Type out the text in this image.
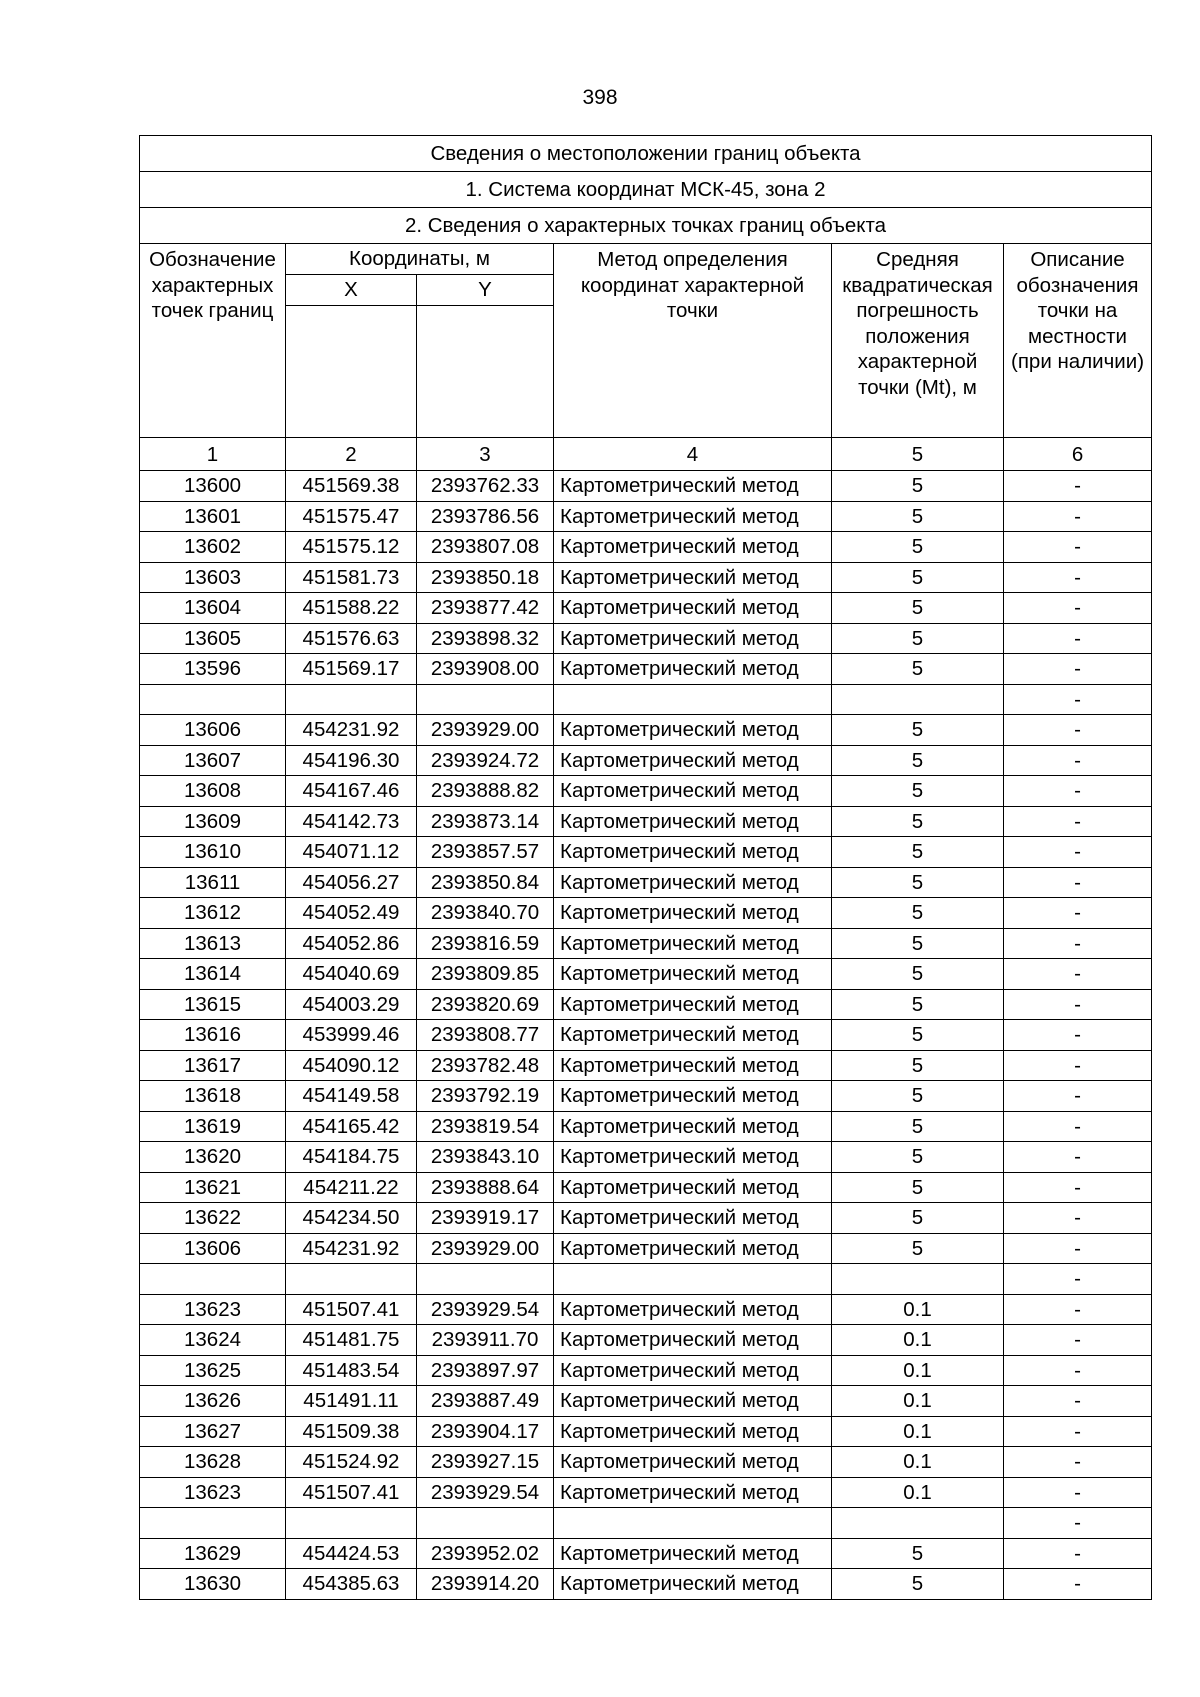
398
Сведения о местоположении границ объекта					
1. Система координат МСК-45, зона 2					
2. Сведения о характерных точках границ объекта					
Обозначение характерных точек границ	Координаты, м		Метод определения координат характерной точки	Средняя квадратическая погрешность положения характерной точки (Mt), м	Описание обозначения точки на местности (при наличии)
	X	Y			

1	2	3	4	5	6
13600	451569.38	2393762.33	Картометрический метод	5	-
13601	451575.47	2393786.56	Картометрический метод	5	-
13602	451575.12	2393807.08	Картометрический метод	5	-
13603	451581.73	2393850.18	Картометрический метод	5	-
13604	451588.22	2393877.42	Картометрический метод	5	-
13605	451576.63	2393898.32	Картометрический метод	5	-
13596	451569.17	2393908.00	Картометрический метод	5	-
					-
13606	454231.92	2393929.00	Картометрический метод	5	-
13607	454196.30	2393924.72	Картометрический метод	5	-
13608	454167.46	2393888.82	Картометрический метод	5	-
13609	454142.73	2393873.14	Картометрический метод	5	-
13610	454071.12	2393857.57	Картометрический метод	5	-
13611	454056.27	2393850.84	Картометрический метод	5	-
13612	454052.49	2393840.70	Картометрический метод	5	-
13613	454052.86	2393816.59	Картометрический метод	5	-
13614	454040.69	2393809.85	Картометрический метод	5	-
13615	454003.29	2393820.69	Картометрический метод	5	-
13616	453999.46	2393808.77	Картометрический метод	5	-
13617	454090.12	2393782.48	Картометрический метод	5	-
13618	454149.58	2393792.19	Картометрический метод	5	-
13619	454165.42	2393819.54	Картометрический метод	5	-
13620	454184.75	2393843.10	Картометрический метод	5	-
13621	454211.22	2393888.64	Картометрический метод	5	-
13622	454234.50	2393919.17	Картометрический метод	5	-
13606	454231.92	2393929.00	Картометрический метод	5	-
					-
13623	451507.41	2393929.54	Картометрический метод	0.1	-
13624	451481.75	2393911.70	Картометрический метод	0.1	-
13625	451483.54	2393897.97	Картометрический метод	0.1	-
13626	451491.11	2393887.49	Картометрический метод	0.1	-
13627	451509.38	2393904.17	Картометрический метод	0.1	-
13628	451524.92	2393927.15	Картометрический метод	0.1	-
13623	451507.41	2393929.54	Картометрический метод	0.1	-
					-
13629	454424.53	2393952.02	Картометрический метод	5	-
13630	454385.63	2393914.20	Картометрический метод	5	-
